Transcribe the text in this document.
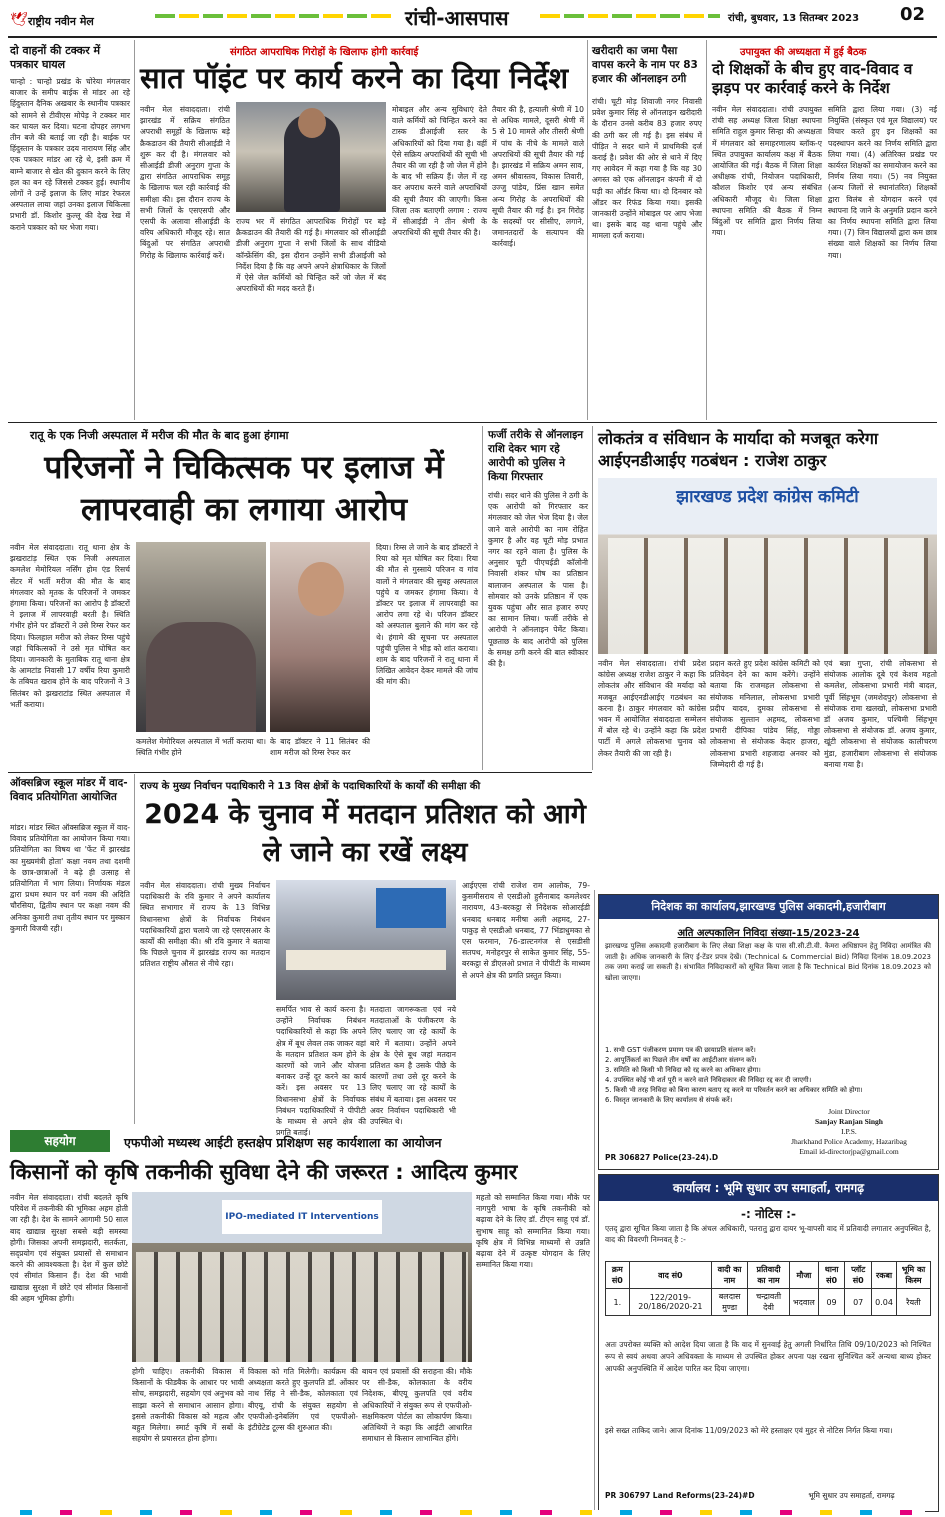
🕊 राष्ट्रीय नवीन मेल	रांची-आसपास	रांची, बुधवार, 13 सितम्बर 2023 02
दो वाहनों की टक्कर में पत्रकार घायल
चान्हो : चान्हो प्रखंड के चोरेया मंगलवार बाजार के समीप बाईक से मांडर आ रहे हिंदुस्तान दैनिक अखबार के स्थानीय पत्रकार को सामने से टीवीएस मोपेड़ ने टक्कर मार कर घायल कर दिया। घटना दोपहर लगभग तीन बजे की बताई जा रही है। बाईक पर हिंदुस्तान के पत्रकार उदय नारायण सिंह और एक पत्रकार मांडर आ रहे थे, इसी क्रम में बाम्ने बाजार से खेत की दुकान करने के लिए हल का बन रहे जिससे टक्कर हुई। स्थानीय लोगों ने उन्हें इलाज के लिए मांडर रेफरल अस्पताल लाया जहां उनका इलाज चिकित्सा प्रभारी डॉ. किशोर कुल्लू की देख रेख में कराने पत्रकार को घर भेजा गया।
संगठित आपराधिक गिरोहों के खिलाफ होगी कार्रवाई
सात पॉइंट पर कार्य करने का दिया निर्देश
नवीन मेल संवाददाता। रांची झारखंड में सक्रिय संगठित अपराधी समूहों के खिलाफ बड़े क्रैकडाउन की तैयारी सीआईडी ने शुरू कर दी है। मंगलवार को सीआईडी डीजी अनुराग गुप्ता के द्वारा संगठित आपराधिक समूह के खिलाफ चल रही कार्रवाई की समीक्षा की। इस दौरान राज्य के सभी जिलों के एसएसपी और एसपी के अलावा सीआईडी के वरिय अधिकारी मौजूद रहे। सात बिंदुओं पर संगठित अपराधी गिरोह के खिलाफ कार्रवाई करें।
राज्य भर में संगठित आपराधिक गिरोहों पर बड़े क्रैकडाउन की तैयारी की गई है। मंगलवार को सीआईडी डीजी अनुराग गुप्ता ने सभी जिलों के साथ वीडियो कॉन्फ्रेंसिंग की, इस दौरान उन्होंने सभी डीआईजी को निर्देश दिया है कि वह अपने अपने क्षेत्राधिकार के जिलों में ऐसे जेल कर्मियों को चिन्हित करें जो जेल में बंद अपराधियों की मदद करते हैं।
मोबाइल और अन्य सुविधाएं देते वाले कर्मियों को चिन्हित करने का टास्क डीआईजी स्तर के अधिकारियों को दिया गया है। वहीं ऐसे सक्रिय अपराधियों की सूची भी तैयार की जा रही है जो जेल में होने के बाद भी सक्रिय हैं। जेल में रह कर अपराध करने वाले अपराधियों की सूची तैयार की जाएगी। किस जिला तक बताएगी लगाम : राज्य में सीआईडी ने तीन श्रेणी के अपराधियों की सूची तैयार की है।
तैयार की है, हत्याली श्रेणी में 10 से अधिक मामले, दूसरी श्रेणी में 5 से 10 मामले और तीसरी श्रेणी में पांच के नीचे के मामले वाले अपराधियों की सूची तैयार की गई है। झारखंड में सक्रिय अमन साव, अमन श्रीवास्तव, विकास तिवारी, उज्जु पांडेय, प्रिंस खान समेत अन्य गिरोह के अपराधियों की सूची तैयार की गई है। इन गिरोह के सदस्यों पर सीसीए, लगाने, जमानतदारों के सत्यापन की कार्रवाई।
खरीदारी का जमा पैसा वापस करने के नाम पर 83 हजार की ऑनलाइन ठगी
रांची। चूटी मोड़ शिवाजी नगर निवासी प्रवेश कुमार सिंह से ऑनलाइन खरीदारी के दौरान उनसे करीब 83 हजार रुपए की ठगी कर ली गई है। इस संबंध में पीड़ित ने सदर थाने में प्राथमिकी दर्ज कराई है। प्रवेश की ओर से थाने में दिए गए आवेदन में कहा गया है कि वह 30 अगस्त को एक ऑनलाइन कंपनी में दो घड़ी का ऑर्डर किया था। दो दिनबार को ऑडर कर रिफंड किया गया। इसकी जानकारी उन्होंने मोबाइल पर आप भेजा था। इसके बाद वह थाना पहुंचे और मामला दर्ज कराया।
उपायुक्त की अध्यक्षता में हुई बैठक
दो शिक्षकों के बीच हुए वाद-विवाद व झड़प पर कार्रवाई करने के निर्देश
नवीन मेल संवाददाता। रांची उपायुक्त रांची सह अध्यक्ष जिला शिक्षा स्थापना समिति राहुल कुमार सिन्हा की अध्यक्षता में मंगलवार को समाहरणालय ब्लॉक-ए स्थित उपायुक्त कार्यालय कक्ष में बैठक आयोजित की गई। बैठक में जिला शिक्षा अधीक्षक रांची, नियोजन पदाधिकारी, कौशल किशोर एवं अन्य संबंधित अधिकारी मौजूद थे। जिला शिक्षा स्थापना समिति की बैठक में निम्न बिंदुओं पर समिति द्वारा निर्णय लिया गया।
समिति द्वारा लिया गया। (3) नई नियुक्ति (संस्कृत एवं मूल विद्यालय) पर विचार करते हुए इन शिक्षकों का पदस्थापन करने का निर्णय समिति द्वारा लिया गया। (4) अतिरिक्त प्रखंड पर कार्यरत शिक्षकों का समायोजन करने का निर्णय लिया गया। (5) नव नियुक्त (अन्य जिलों से स्थानांतरित) शिक्षकों द्वारा विलंब से योगदान करने एवं स्थापना दि जाने के अनुमति प्रदान करने का निर्णय स्थापना समिति द्वारा लिया गया। (7) जिन विद्यालयों द्वारा कम छात्र संख्या वाले शिक्षकों का निर्णय लिया गया।
रातू के एक निजी अस्पताल में मरीज की मौत के बाद हुआ हंगामा
परिजनों ने चिकित्सक पर इलाज में लापरवाही का लगाया आरोप
नवीन मेल संवाददाता। रातू थाना क्षेत्र के झखराटांड़ स्थित एक निजी अस्पताल कमलेश मेमोरियल नर्सिंग होम एंड रिसर्च सेंटर में भर्ती मरीज की मौत के बाद मंगलवार को मृतक के परिजनों ने जमकर हंगामा किया। परिजनों का आरोप है डॉक्टरों ने इलाज में लापरवाही बरती है। स्थिति गंभीर होने पर डॉक्टरों ने उसे रिम्स रेफर कर दिया। फिलहाल मरीज को लेकर रिम्स पहुंचे जहां चिकित्सकों ने उसे मृत घोषित कर दिया। जानकारी के मुताबिक रातू थाना क्षेत्र के आमटांड निवासी 17 वर्षीय रिया कुमारी के तबियत खराब होने के बाद परिजनों ने 3 सितंबर को झखराटांड स्थित अस्पताल में भर्ती कराया।
कमलेश मेमोरियल अस्पताल में भर्ती कराया था। स्थिति गंभीर होने
के बाद डॉक्टर ने 11 सितंबर की शाम मरीज को रिम्स रेफर कर
दिया। रिम्स ले जाने के बाद डॉक्टरों ने रिया को मृत घोषित कर दिया। रिया की मौत से गुस्साये परिजन व गांव वालों ने मंगलवार की सुबह अस्पताल पहुंचे व जमकर हंगामा किया। वे डॉक्टर पर इलाज में लापरवाही का आरोप लगा रहे थे। परिजन डॉक्टर को अस्पताल बुलाने की मांग कर रहे थे। हंगामे की सूचना पर अस्पताल पहुंची पुलिस ने भीड़ को शांत कराया। शाम के बाद परिजनों ने रातू थाना में लिखित आवेदन देकर मामले की जांच की मांग की।
फर्जी तरीके से ऑनलाइन राशि देकर भाग रहे आरोपी को पुलिस ने किया गिरफ्तार
रांची। सदर थाने की पुलिस ने ठगी के एक आरोपी को गिरफ्तार कर मंगलवार को जेल भेज दिया है। जेल जाने वाले आरोपी का नाम रोहित कुमार है और वह चूटी मोड़ प्रभात नगर का रहने वाला है। पुलिस के अनुसार चूटी पीएचईडी कॉलोनी निवासी शंकर घोष का प्रतिष्ठान बालाजन अस्पताल के पास है। सोमवार को उनके प्रतिष्ठान में एक युवक पहुंचा और सात हजार रुपए का सामान लिया। फर्जी तरीके से आरोपी ने ऑनलाइन पेमेंट किया। पूछताछ के बाद आरोपी को पुलिस के समक्ष ठगी करने की बात स्वीकार की है।
लोकतंत्र व संविधान के मार्यादा को मजबूत करेगा आईएनडीआईए गठबंधन : राजेश ठाकुर
झारखण्ड प्रदेश कांग्रेस कमिटी
नवीन मेल संवाददाता। रांची प्रदेश कांग्रेस अध्यक्ष राजेश ठाकुर ने कहा कि लोकतंत्र और संविधान की मर्यादा को मजबूत आईएनडीआईए गठबंधन का करना है। ठाकुर मंगलवार को कांग्रेस भवन में आयोजित संवाददाता सम्मेलन में बोल रहे थे। उन्होंने कहा कि प्रदेश पार्टी में अगले लोकसभा चुनाव को लेकर तैयारी की जा रही है।
प्रदान करते हुए प्रदेश कांग्रेस कमिटी को प्रतिवेदन देने का काम करेंगे। उन्होंने बताया कि राजमहल लोकसभा से संयोजक मनिलाल, लोकसभा प्रभारी प्रदीप यादव, दुमका लोकसभा से संयोजक सुल्तान अहमद, लोकसभा प्रभारी दीपिका पांडेय सिंह, गोड्डा लोकसभा से संयोजक केदार हाजरा, लोकसभा प्रभारी शहजादा अनवर को जिम्मेदारी दी गई है।
एवं बन्ना गुप्ता, रांची लोकसभा से संयोजक आलोक दूबे एवं केशव महतो कमलेश, लोकसभा प्रभारी मंत्री बादल, पूर्वी सिंहभूम (जमशेदपुर) लोकसभा से संयोजक रामा खलखो, लोकसभा प्रभारी डॉ अजय कुमार, पश्चिमी सिंहभूम लोकसभा से संयोजक डॉ. अजय कुमार, खूंटी लोकसभा से संयोजक कालीचरण मुंडा, हजारीबाग लोकसभा से संयोजक बनाया गया है।
ऑक्सब्रिज स्कूल मांडर में वाद-विवाद प्रतियोगिता आयोजित
मांडर। मांडर स्थित ऑक्सब्रिज स्कूल में वाद-विवाद प्रतियोगिता का आयोजन किया गया। प्रतियोगिता का विषय था 'फेंट में झारखंड का मुख्यमंत्री होता' कक्षा नवम तथा दशमी के छात्र-छात्राओं ने बढ़े ही उत्साह से प्रतियोगिता में भाग लिया। निर्णायक मंडल द्वारा प्रथम स्थान पर वर्ग नवम की अदिति चौरसिया, द्वितीय स्थान पर कक्षा नवम की अनिका कुमारी तथा तृतीय स्थान पर मुस्कान कुमारी विजयी रही।
राज्य के मुख्य निर्वाचन पदाधिकारी ने 13 विस क्षेत्रों के पदाधिकारियों के कार्यों की समीक्षा की
2024 के चुनाव में मतदान प्रतिशत को आगे ले जाने का रखें लक्ष्य
नवीन मेल संवाददाता। रांची मुख्य निर्वाचन पदाधिकारी के रवि कुमार ने अपने कार्यालय स्थित सभागार में राज्य के 13 विभिन्न विधानसभा क्षेत्रों के निर्वाचक निबंधन पदाधिकारियों द्वारा चलाये जा रहे एसएसआर के कार्यों की समीक्षा की। श्री रवि कुमार ने बताया कि पिछले चुनाव में झारखंड राज्य का मतदान प्रतिशत राष्ट्रीय औसत से नीचे रहा।
समर्पित भाव से कार्य करना है। उन्होंने निर्वाचक निबंधन पदाधिकारियों से कहा कि अपने क्षेत्र में बूथ लेवल तक जाकर वहां के मतदान प्रतिशत कम होने के कारणों को जाने और योजना बनाकर उन्हें दूर करने का कार्य करें। इस अवसर पर 13 विधानसभा क्षेत्रों के निर्वाचक निबंधन पदाधिकारियों ने पीपीटी के माध्यम से अपने क्षेत्र की प्रगति बताई।
मतदाता जागरूकता एवं नये मतदाताओं के पंजीकरण के लिए चलाए जा रहे कार्यों के बारे में बताया। उन्होंने अपने क्षेत्र के ऐसे बूथ जहां मतदान प्रतिशत कम है उसके पीछे के कारणों तथा उसे दूर करने के लिए चलाए जा रहे कार्यों के संबंध में बताया। इस अवसर पर अवर निर्वाचन पदाधिकारी भी उपस्थित थे।
आईएएस रांची राजेश राम आलोक, 79-कुसमीसराय से एसडीओ हुसैनाबाद कमलेश्वर नारायण, 43-बरकट्ठा से निदेशक सोआरईडी धनबाद धनबाद मनीषा अली अहमद, 27-पाकुड़ से एसडीओ धनबाद, 77 भिंडाधुमका से एस फरमान, 76-डाल्टनगंज से एसडीसी सतपथ, मनोहरपुर से साकेत कुमार सिंह, 55-बरकट्ठा से डीएलओ प्रभात ने पीपीटी के माध्यम से अपने क्षेत्र की प्रगति प्रस्तुत किया।
निदेशक का कार्यालय,झारखण्ड पुलिस अकादमी,हजारीबाग
अति अल्पकालिन निविदा संख्या-15/2023-24
झारखण्ड पुलिस अकादमी हजारीबाग के लिए लेखा शिक्षा कक्ष के पास सी.सी.टी.वी. कैमरा अधिष्ठापन हेतु निविदा आमंत्रित की जाती है। अधिक जानकारी के लिए ई-टेंडर प्रपत्र देखें। (Technical & Commercial Bid) निविदा दिनांक 18.09.2023 तक जमा कराई जा सकती है। संभावित निविदाकारों को सूचित किया जाता है कि Technical Bid दिनांक 18.09.2023 को खोला जाएगा।
1. सभी GST पंजीकरण प्रमाण पत्र की छायाप्रति संलग्न करें।
2. आपूर्तिकर्ता का पिछले तीन वर्षों का आईटीआर संलग्न करें।
3. समिति को किसी भी निविदा को रद्द करने का अधिकार होगा।
4. उपस्थित कोई भी शर्त पूरी न करने वाले निविदाकार की निविदा रद्द कर दी जाएगी।
5. किसी भी तरह निविदा को बिना कारण बताए रद्द करने या परिवर्तन करने का अधिकार समिति को होगा।
6. विस्तृत जानकारी के लिए कार्यालय से संपर्क करें।
Joint Director
Sanjay Ranjan Singh
I.P.S.
Jharkhand Police Academy, Hazaribag
Email id-directorjpa@gmail.com
PR 306827 Police(23-24).D
सहयोग	एफपीओ मध्यस्थ आईटी हस्तक्षेप प्रशिक्षण सह कार्यशाला का आयोजन
किसानों को कृषि तकनीकी सुविधा देने की जरूरत : आदित्य कुमार
नवीन मेल संवाददाता। रांची बदलते कृषि परिवेश में तकनीकी की भूमिका अहम होती जा रही है। देश के सामने आगामी 50 साल बाद खाद्यान्न सुरक्षा सबसे बड़ी समस्या होगी। जिसका अपनी समझदारी, सतर्कता, सद्प्रयोग एवं संयुक्त प्रयासों से समाधान करने की आवश्यकता है। देश में कुल छोटे एवं सीमांत किसान हैं। देश की भावी खाद्यान्न सुरक्षा में छोटे एवं सीमांत किसानों की अहम भूमिका होगी।
IPO-mediated IT Interventions
होगी चाहिए। तकनीकी विकास में किसानों के फीडबैक के आधार पर भावी सोच, समझदारी, सहयोग एवं अनुभव को साझा करने से समाधान आसान होगा। इससे तकनीकी विकास को महत्व और बहुत मिलेगा। स्मार्ट कृषि में सबों के सहयोग से प्रयासरत होना होगा।
विकास को गति मिलेगी। कार्यक्रम की अध्यक्षता करते हुए कुलपति डॉ. ओंकार नाथ सिंह ने सी-डैक, कोलकाता एवं बीएयू, रांची के संयुक्त सहयोग से एफपीओ-इनेबलिंग एवं एफपीओ-इंटीग्रेटेड टूल्स की शुरुआत की।
बायन एवं प्रयासों की सराहना की। मौके पर सी-डैक, कोलकाता के वरीय निदेशक, बीएयू कुलपति एवं वरीय अधिकारियों ने संयुक्त रूप से एफपीओ-सक्षमिकरण पोर्टल का लोकार्पण किया। अतिथियों ने कहा कि आईटी आधारित समाधान से किसान लाभान्वित होंगे।
महतो को सम्मानित किया गया। मौके पर नागपुरी भाषा के कृषि तकनीकी को बढ़ावा देने के लिए डॉ. टीएन साहू एवं डॉ. सुभाष साहू को सम्मानित किया गया। कृषि क्षेत्र में विभिन्न माध्यमों से उन्नति बढ़ावा देने में उत्कृष्ट योगदान के लिए सम्मानित किया गया।
कार्यालय : भूमि सुधार उप समाहर्ता, रामगढ़
-: नोटिस :-
एतद् द्वारा सूचित किया जाता है कि अंचल अधिकारी, पतरातु द्वारा दायर भू-वापसी वाद में प्रतिवादी लगातार अनुपस्थित है, वाद की विवरणी निम्नवत् है :-
क्रम सं0	वाद सं0	वादी का नाम	प्रतिवादी का नाम	मौजा	थाना सं0	प्लॉट सं0	रकबा	भूमि का किस्म
1.	122/2019-20/186/2020-21	बलदास मुण्डा	चन्द्रावती देवी	भदवाल	09	07	0.04	रैयती
अतः उपरोक्त व्यक्ति को आदेश दिया जाता है कि वाद में सुनवाई हेतु अगली निर्धारित तिथि 09/10/2023 को निश्चित रूप से स्वयं अथवा अपने अधिवक्ता के माध्यम से उपस्थित होकर अपना पक्ष रखना सुनिश्चित करें अन्यथा बाध्य होकर आपकी अनुपस्थिति में आदेश पारित कर दिया जाएगा।
इसे सख्त ताकिद जाने। आज दिनांक 11/09/2023 को मेरे हस्ताक्षर एवं मुहर से नोटिस निर्गत किया गया।
भूमि सुधार उप समाहर्ता, रामगढ़
PR 306797 Land Reforms(23-24)#D
